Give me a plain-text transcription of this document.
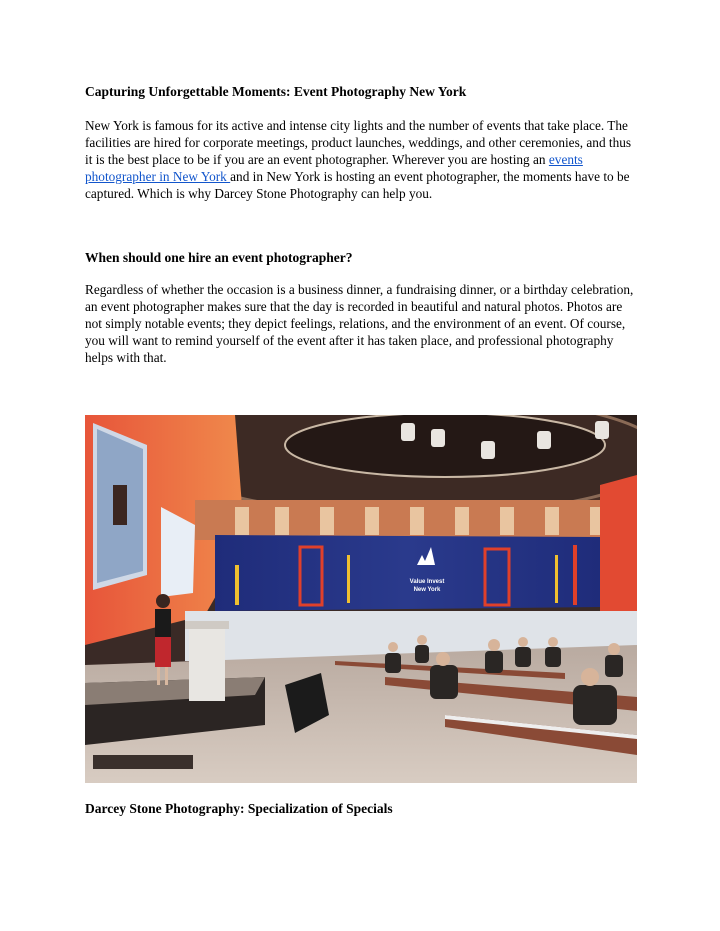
Capturing Unforgettable Moments: Event Photography New York

New York is famous for its active and intense city lights and the number of events that take place. The facilities are hired for corporate meetings, product launches, weddings, and other ceremonies, and thus it is the best place to be if you are an event photographer. Wherever you are hosting an events photographer in New York and in New York is hosting an event photographer, the moments have to be captured. Which is why Darcey Stone Photography can help you.

When should one hire an event photographer?

Regardless of whether the occasion is a business dinner, a fundraising dinner, or a birthday celebration, an event photographer makes sure that the day is recorded in beautiful and natural photos. Photos are not simply notable events; they depict feelings, relations, and the environment of an event. Of course, you will want to remind yourself of the event after it has taken place, and professional photography helps with that.

Darcey Stone Photography: Specialization of Specials
Value Invest
New York
